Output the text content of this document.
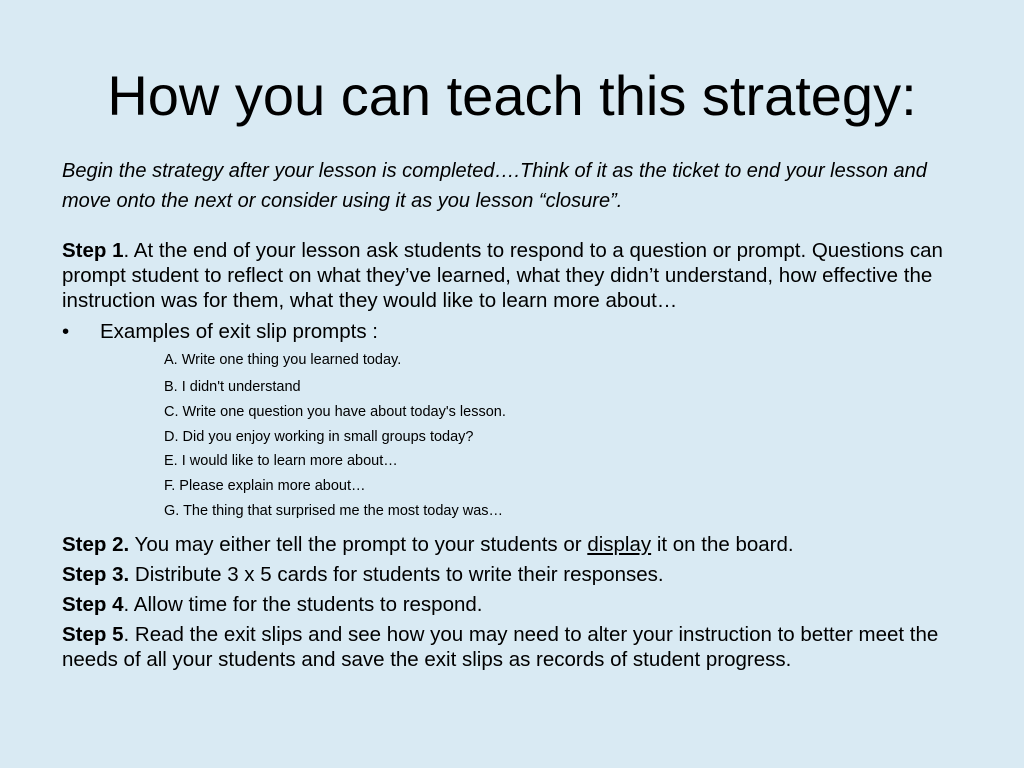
How you can teach this strategy:

Begin the strategy after your lesson is completed….Think of it as the ticket to end your lesson and move onto the next or consider using it as you lesson “closure”.

Step 1. At the end of your lesson ask students to respond to a question or prompt. Questions can prompt student to reflect on what they’ve learned, what they didn’t understand, how effective the instruction was for them, what they would like to learn more about…

•	Examples of exit slip prompts :
A. Write one thing you learned today.
B. I didn't understand
C. Write one question you have about today's lesson.
D. Did you enjoy working in small groups today?
E. I would like to learn more about…
F. Please explain more about…
G. The thing that surprised me the most today was…

Step 2. You may either tell the prompt to your students or display it on the board.

Step 3. Distribute 3 x 5 cards for students to write their responses.

Step 4. Allow time for the students to respond.

Step 5. Read the exit slips and see how you may need to alter your instruction to better meet the needs of all your students and save the exit slips as records of student progress.
